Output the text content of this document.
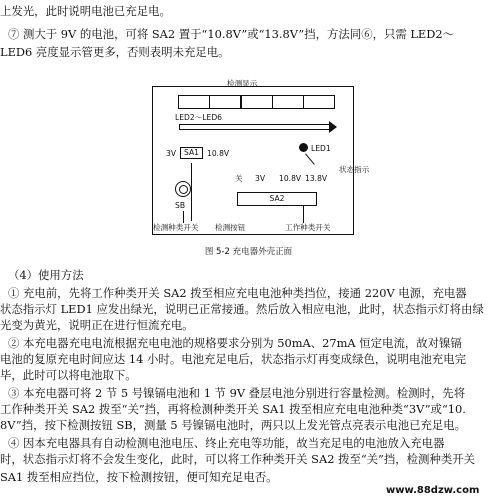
上发光，此时说明电池已充足电。
⑦ 测大于 9V 的电池，可将 SA2 置于“10.8V”或“13.8V”挡，方法同⑥，只需 LED2～
LED6 亮度显示管更多，否则表明未充足电。
检测显示
LED2～LED6
LED1
状态指示
3V	SA1	10.8V
关 3V 10.8V 13.8V
SA2
SB
检测种类开关 检测按钮	工作种类开关
图 5-2 充电器外壳正面
（4）使用方法
① 充电前，先将工作种类开关 SA2 拨至相应充电电池种类挡位，接通 220V 电源，充电器
状态指示灯 LED1 应发出绿光，说明已正常接通。然后放入相应电池，此时，状态指示灯将由绿
光变为黄光，说明正在进行恒流充电。
② 本充电器充电电流根据充电电池的规格要求分别为 50mA、27mA 恒定电流，故对镍镉
电池的复原充电时间应达 14 小时。电池充足电后，状态指示灯再变成绿色，说明电池充电完
毕，此时可以将电池取下。
③ 本充电器可将 2 节 5 号镍镉电池和 1 节 9V 叠层电池分别进行容量检测。检测时，先将
工作种类开关 SA2 拨至“关”挡，再将检测种类开关 SA1 拨至相应充电电池种类“3V”或“10.
8V”挡，按下检测按钮 SB，测量 5 号镍镉电池时，两只以上发光管点亮表示电池已充足电。
④ 因本充电器具有自动检测电池电压、终止充电等功能，故当充足电的电池放入充电器
时，状态指示灯将不会发生变化，此时，可以将工作种类开关 SA2 拨至“关”挡，检测种类开关
SA1 拨至相应挡位，按下检测按钮，便可知充足电否。
www.88dzw.com
